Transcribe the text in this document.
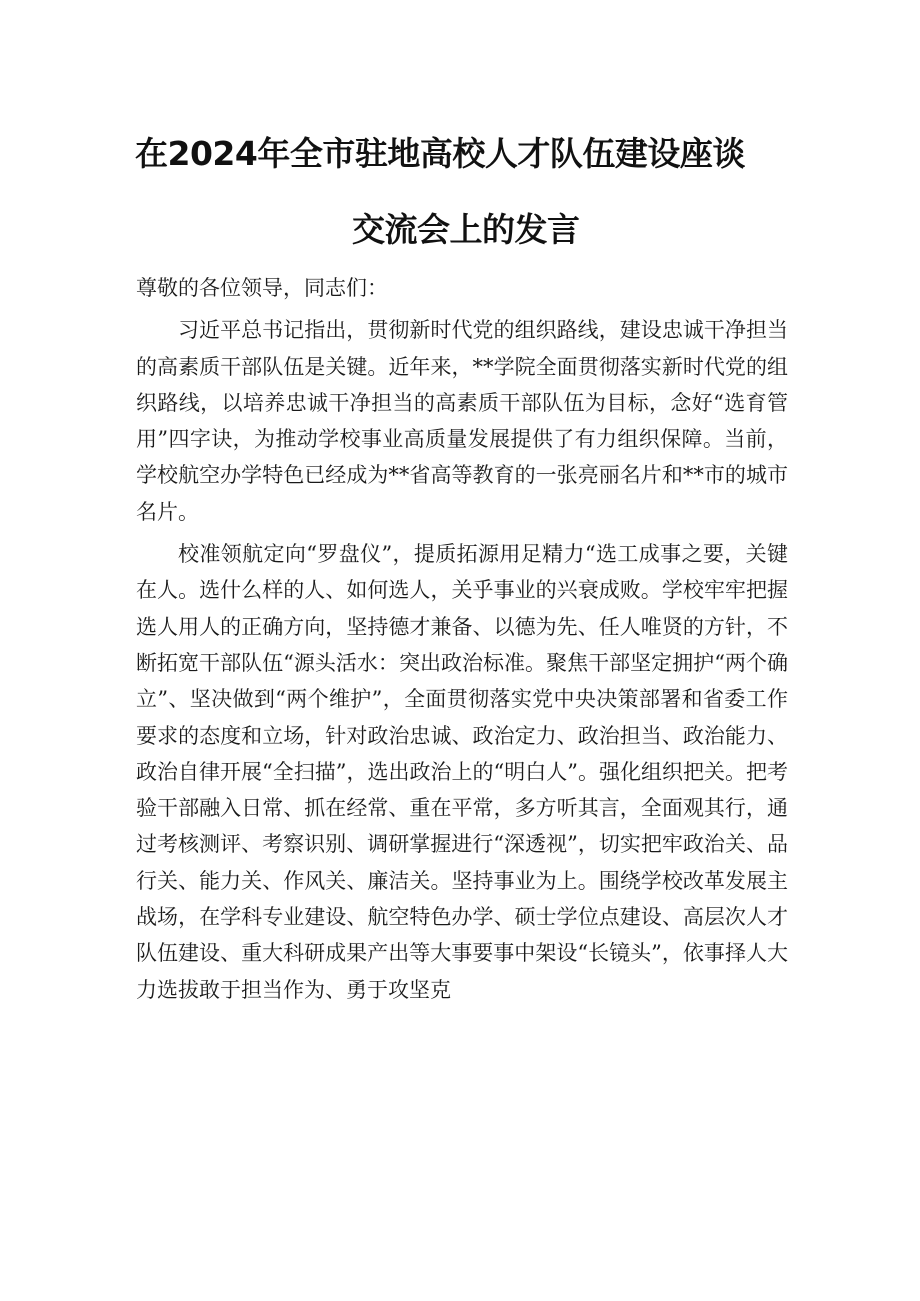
在2024年全市驻地高校人才队伍建设座谈
交流会上的发言

尊敬的各位领导，同志们：

习近平总书记指出，贯彻新时代党的组织路线，建设忠诚干净担当的高素质干部队伍是关键。近年来，**学院全面贯彻落实新时代党的组织路线，以培养忠诚干净担当的高素质干部队伍为目标，念好“选育管用”四字诀，为推动学校事业高质量发展提供了有力组织保障。当前，学校航空办学特色已经成为**省高等教育的一张亮丽名片和**市的城市名片。

校准领航定向“罗盘仪”，提质拓源用足精力“选工成事之要，关键在人。选什么样的人、如何选人，关乎事业的兴衰成败。学校牢牢把握选人用人的正确方向，坚持德才兼备、以德为先、任人唯贤的方针，不断拓宽干部队伍“源头活水：突出政治标准。聚焦干部坚定拥护“两个确立”、坚决做到“两个维护”，全面贯彻落实党中央决策部署和省委工作要求的态度和立场，针对政治忠诚、政治定力、政治担当、政治能力、政治自律开展“全扫描”，选出政治上的“明白人”。强化组织把关。把考验干部融入日常、抓在经常、重在平常，多方听其言，全面观其行，通过考核测评、考察识别、调研掌握进行“深透视”，切实把牢政治关、品行关、能力关、作风关、廉洁关。坚持事业为上。围绕学校改革发展主战场，在学科专业建设、航空特色办学、硕士学位点建设、高层次人才队伍建设、重大科研成果产出等大事要事中架设“长镜头”，依事择人大力选拔敢于担当作为、勇于攻坚克
